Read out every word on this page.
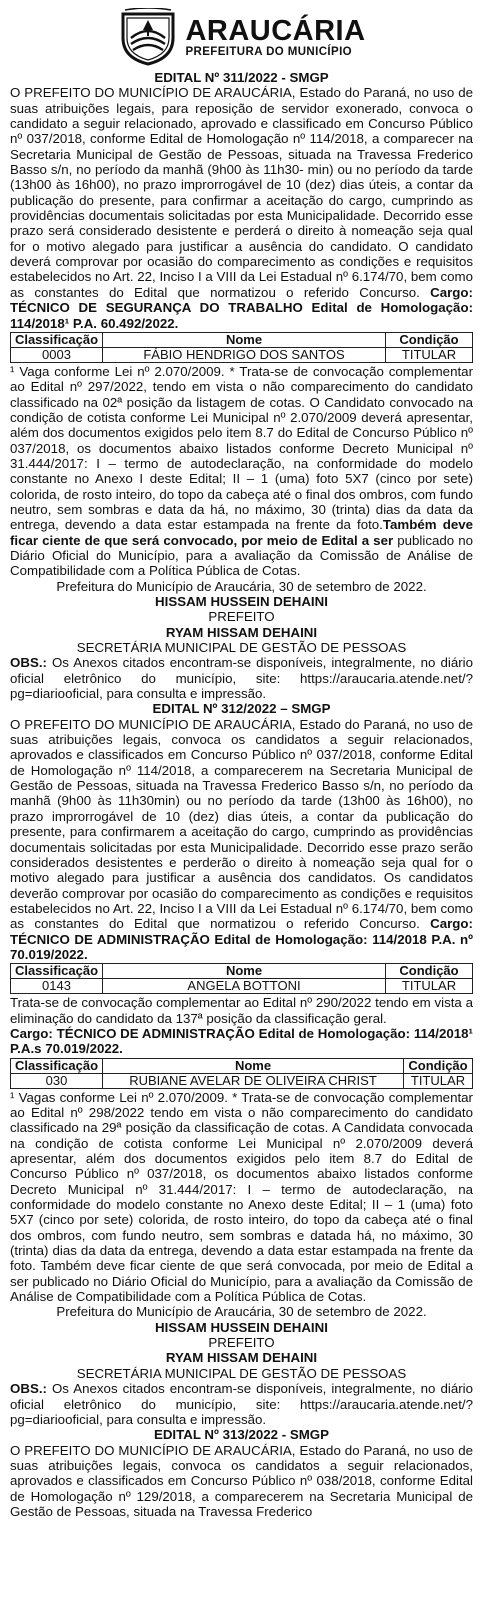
ARAUCÁRIA
PREFEITURA DO MUNICÍPIO
EDITAL Nº 311/2022 - SMGP

O PREFEITO DO MUNICÍPIO DE ARAUCÁRIA, Estado do Paraná, no uso de suas atribuições legais, para reposição de servidor exonerado, convoca o candidato a seguir relacionado, aprovado e classificado em Concurso Público nº 037/2018, conforme Edital de Homologação nº 114/2018, a comparecer na Secretaria Municipal de Gestão de Pessoas, situada na Travessa Frederico Basso s/n, no período da manhã (9h00 às 11h30- min) ou no período da tarde (13h00 às 16h00), no prazo improrrogável de 10 (dez) dias úteis, a contar da publicação do presente, para confirmar a aceitação do cargo, cumprindo as providências documentais solicitadas por esta Municipalidade. Decorrido esse prazo será considerado desistente e perderá o direito à nomeação seja qual for o motivo alegado para justificar a ausência do candidato. O candidato deverá comprovar por ocasião do comparecimento as condições e requisitos estabelecidos no Art. 22, Inciso I a VIII da Lei Estadual nº 6.174/70, bem como as constantes do Edital que normatizou o referido Concurso. Cargo: TÉCNICO DE SEGURANÇA DO TRABALHO Edital de Homologação: 114/2018¹ P.A. 60.492/2022.

Classificação	Nome	Condição
0003	FÁBIO HENDRIGO DOS SANTOS	TITULAR

¹ Vaga conforme Lei nº 2.070/2009. * Trata-se de convocação complementar ao Edital nº 297/2022, tendo em vista o não comparecimento do candidato classificado na 02ª posição da listagem de cotas. O Candidato convocado na condição de cotista conforme Lei Municipal nº 2.070/2009 deverá apresentar, além dos documentos exigidos pelo item 8.7 do Edital de Concurso Público nº 037/2018, os documentos abaixo listados conforme Decreto Municipal nº 31.444/2017: I – termo de autodeclaração, na conformidade do modelo constante no Anexo I deste Edital; II – 1 (uma) foto 5X7 (cinco por sete) colorida, de rosto inteiro, do topo da cabeça até o final dos ombros, com fundo neutro, sem sombras e data da há, no máximo, 30 (trinta) dias da data da entrega, devendo a data estar estampada na frente da foto.Também deve ficar ciente de que será convocado, por meio de Edital a ser publicado no Diário Oficial do Município, para a avaliação da Comissão de Análise de Compatibilidade com a Política Pública de Cotas.

Prefeitura do Município de Araucária, 30 de setembro de 2022.
HISSAM HUSSEIN DEHAINI
PREFEITO
RYAM HISSAM DEHAINI
SECRETÁRIA MUNICIPAL DE GESTÃO DE PESSOAS

OBS.: Os Anexos citados encontram-se disponíveis, integralmente, no diário oficial eletrônico do município, site: https://araucaria.atende.net/?pg=diariooficial, para consulta e impressão.

EDITAL Nº 312/2022 – SMGP

O PREFEITO DO MUNICÍPIO DE ARAUCÁRIA, Estado do Paraná, no uso de suas atribuições legais, convoca os candidatos a seguir relacionados, aprovados e classificados em Concurso Público nº 037/2018, conforme Edital de Homologação nº 114/2018, a comparecerem na Secretaria Municipal de Gestão de Pessoas, situada na Travessa Frederico Basso s/n, no período da manhã (9h00 às 11h30min) ou no período da tarde (13h00 às 16h00), no prazo improrrogável de 10 (dez) dias úteis, a contar da publicação do presente, para confirmarem a aceitação do cargo, cumprindo as providências documentais solicitadas por esta Municipalidade. Decorrido esse prazo serão considerados desistentes e perderão o direito à nomeação seja qual for o motivo alegado para justificar a ausência dos candidatos. Os candidatos deverão comprovar por ocasião do comparecimento as condições e requisitos estabelecidos no Art. 22, Inciso I a VIII da Lei Estadual nº 6.174/70, bem como as constantes do Edital que normatizou o referido Concurso. Cargo: TÉCNICO DE ADMINISTRAÇÃO Edital de Homologação: 114/2018 P.A. nº 70.019/2022.

Classificação	Nome	Condição
0143	ANGELA BOTTONI	TITULAR

Trata-se de convocação complementar ao Edital nº 290/2022 tendo em vista a eliminação do candidato da 137ª posição da classificação geral.

Cargo: TÉCNICO DE ADMINISTRAÇÃO Edital de Homologação: 114/2018¹ P.A.s 70.019/2022.

Classificação	Nome	Condição
030	RUBIANE AVELAR DE OLIVEIRA CHRIST	TITULAR

¹ Vagas conforme Lei nº 2.070/2009. * Trata-se de convocação complementar ao Edital nº 298/2022 tendo em vista o não comparecimento do candidato classificado na 29ª posição da classificação de cotas. A Candidata convocada na condição de cotista conforme Lei Municipal nº 2.070/2009 deverá apresentar, além dos documentos exigidos pelo item 8.7 do Edital de Concurso Público nº 037/2018, os documentos abaixo listados conforme Decreto Municipal nº 31.444/2017: I – termo de autodeclaração, na conformidade do modelo constante no Anexo deste Edital; II – 1 (uma) foto 5X7 (cinco por sete) colorida, de rosto inteiro, do topo da cabeça até o final dos ombros, com fundo neutro, sem sombras e datada há, no máximo, 30 (trinta) dias da data da entrega, devendo a data estar estampada na frente da foto. Também deve ficar ciente de que será convocada, por meio de Edital a ser publicado no Diário Oficial do Município, para a avaliação da Comissão de Análise de Compatibilidade com a Política Pública de Cotas.

Prefeitura do Município de Araucária, 30 de setembro de 2022.
HISSAM HUSSEIN DEHAINI
PREFEITO
RYAM HISSAM DEHAINI
SECRETÁRIA MUNICIPAL DE GESTÃO DE PESSOAS

OBS.: Os Anexos citados encontram-se disponíveis, integralmente, no diário oficial eletrônico do município, site: https://araucaria.atende.net/?pg=diariooficial, para consulta e impressão.

EDITAL Nº 313/2022 - SMGP

O PREFEITO DO MUNICÍPIO DE ARAUCÁRIA, Estado do Paraná, no uso de suas atribuições legais, convoca os candidatos a seguir relacionados, aprovados e classificados em Concurso Público nº 038/2018, conforme Edital de Homologação nº 129/2018, a comparecerem na Secretaria Municipal de Gestão de Pessoas, situada na Travessa Frederico
